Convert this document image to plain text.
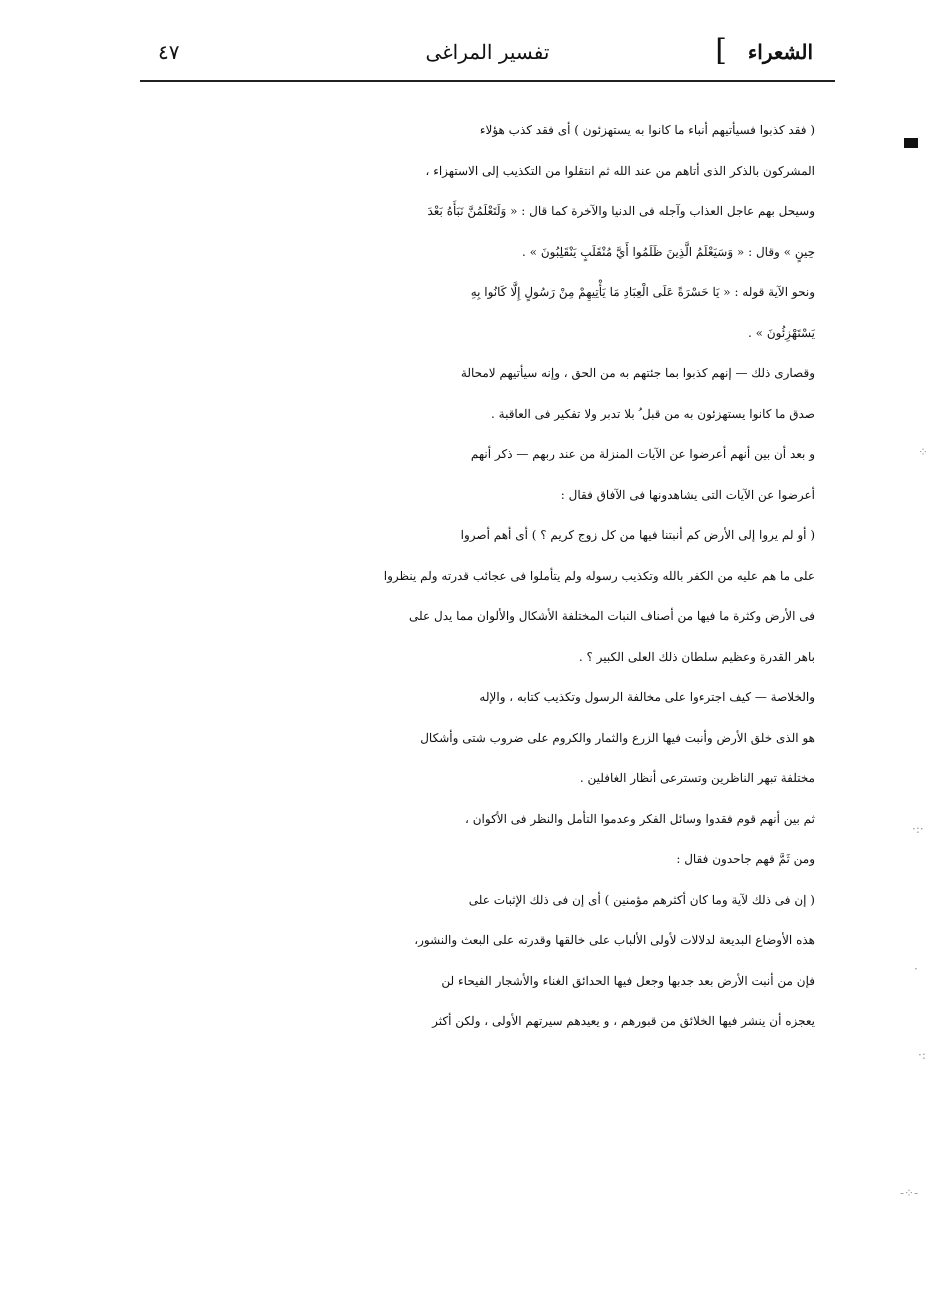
الشعراء
]
تفسير المراغى
٤٧
⁘
·:·
·
·:
-⁘-

( فقد كذبوا فسيأتيهم أنباء ما كانوا به يستهزئون ) أى فقد كذب هؤلاء
المشركون بالذكر الذى أتاهم من عند الله ثم انتقلوا من التكذيب إلى الاستهزاء ،
وسيحل بهم عاجل العذاب وآجله فى الدنيا والآخرة كما قال : « وَلَتَعْلَمُنَّ نَبَأَهُ بَعْدَ
حِينٍ » وقال : « وَسَيَعْلَمُ الَّذِينَ ظَلَمُوا أَيَّ مُنْقَلَبٍ يَنْقَلِبُونَ » .

ونحو الآية قوله : « يَا حَسْرَةً عَلَى الْعِبَادِ مَا يَأْتِيهِمْ مِنْ رَسُولٍ إِلَّا كَانُوا بِهِ
يَسْتَهْزِئُونَ » .

وقصارى ذلك — إنهم كذبوا بما جئتهم به من الحق ، وإنه سيأتيهم لامحالة
صدق ما كانوا يستهزئون به من قبل ُ بلا تدبر ولا تفكير فى العاقبة .

و بعد أن بين أنهم أعرضوا عن الآيات المنزلة من عند ربهم — ذكر أنهم
أعرضوا عن الآيات التى يشاهدونها فى الآفاق فقال :

( أو لم يروا إلى الأرض كم أنبتنا فيها من كل زوج كريم ؟ ) أى أهم أصروا
على ما هم عليه من الكفر بالله وتكذيب رسوله ولم يتأملوا فى عجائب قدرته ولم ينظروا
فى الأرض وكثرة ما فيها من أصناف النبات المختلفة الأشكال والألوان مما يدل على
باهر القدرة وعظيم سلطان ذلك العلى الكبير ؟ .

والخلاصة — كيف اجترءوا على مخالفة الرسول وتكذيب كتابه ، والإله
هو الذى خلق الأرض وأنبت فيها الزرع والثمار والكروم على ضروب شتى وأشكال
مختلفة تبهر الناظرين وتسترعى أنظار الغافلين .

ثم بين أنهم قوم فقدوا وسائل الفكر وعدموا التأمل والنظر فى الأكوان ،
ومن ثَمَّ فهم جاحدون فقال :

( إن فى ذلك لآية وما كان أكثرهم مؤمنين ) أى إن فى ذلك الإثبات على
هذه الأوضاع البديعة لدلالات لأولى الألباب على خالقها وقدرته على البعث والنشور،
فإن من أنبت الأرض بعد جدبها وجعل فيها الحدائق الغناء والأشجار الفيحاء لن
يعجزه أن ينشر فيها الخلائق من قبورهم ، و يعيدهم سيرتهم الأولى ، ولكن أكثر
